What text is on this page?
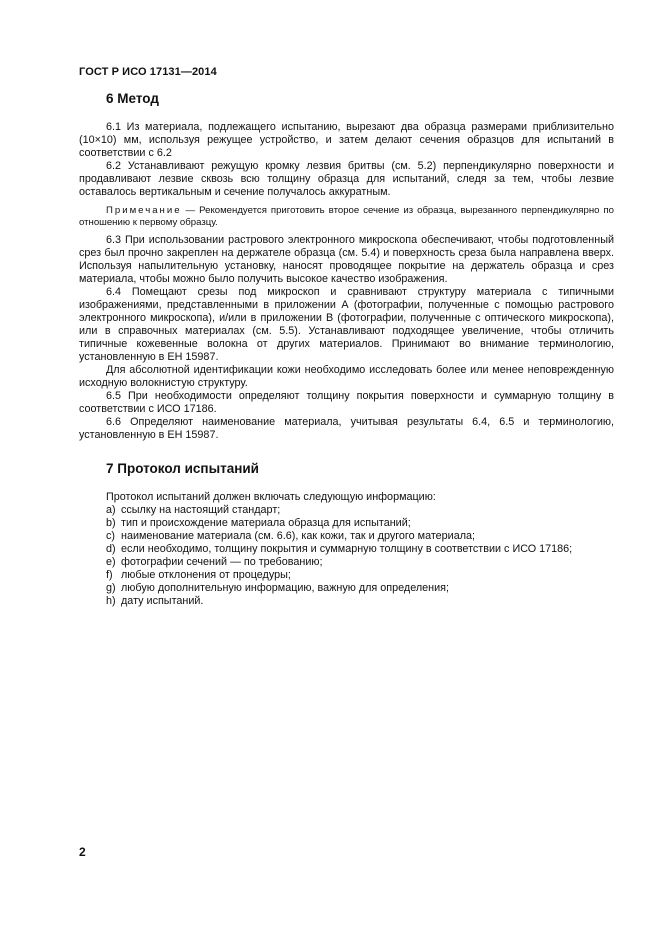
ГОСТ Р ИСО 17131—2014
6 Метод

6.1 Из материала, подлежащего испытанию, вырезают два образца размерами приблизительно (10×10) мм, используя режущее устройство, и затем делают сечения образцов для испытаний в соответствии с 6.2

6.2 Устанавливают режущую кромку лезвия бритвы (см. 5.2) перпендикулярно поверхности и продавливают лезвие сквозь всю толщину образца для испытаний, следя за тем, чтобы лезвие оставалось вертикальным и сечение получалось аккуратным.

Примечание — Рекомендуется приготовить второе сечение из образца, вырезанного перпендикулярно по отношению к первому образцу.

6.3 При использовании растрового электронного микроскопа обеспечивают, чтобы подготовленный срез был прочно закреплен на держателе образца (см. 5.4) и поверхность среза была направлена вверх. Используя напылительную установку, наносят проводящее покрытие на держатель образца и срез материала, чтобы можно было получить высокое качество изображения.

6.4 Помещают срезы под микроскоп и сравнивают структуру материала с типичными изображениями, представленными в приложении А (фотографии, полученные с помощью растрового электронного микроскопа), и/или в приложении В (фотографии, полученные с оптического микроскопа), или в справочных материалах (см. 5.5). Устанавливают подходящее увеличение, чтобы отличить типичные кожевенные волокна от других материалов. Принимают во внимание терминологию, установленную в ЕН 15987.

Для абсолютной идентификации кожи необходимо исследовать более или менее неповрежденную исходную волокнистую структуру.

6.5 При необходимости определяют толщину покрытия поверхности и суммарную толщину в соответствии с ИСО 17186.

6.6 Определяют наименование материала, учитывая результаты 6.4, 6.5 и терминологию, установленную в ЕН 15987.

7 Протокол испытаний

Протокол испытаний должен включать следующую информацию:

a) ссылку на настоящий стандарт;
b) тип и происхождение материала образца для испытаний;
c) наименование материала (см. 6.6), как кожи, так и другого материала;
d) если необходимо, толщину покрытия и суммарную толщину в соответствии с ИСО 17186;
e) фотографии сечений — по требованию;
f) любые отклонения от процедуры;
g) любую дополнительную информацию, важную для определения;
h) дату испытаний.
2
